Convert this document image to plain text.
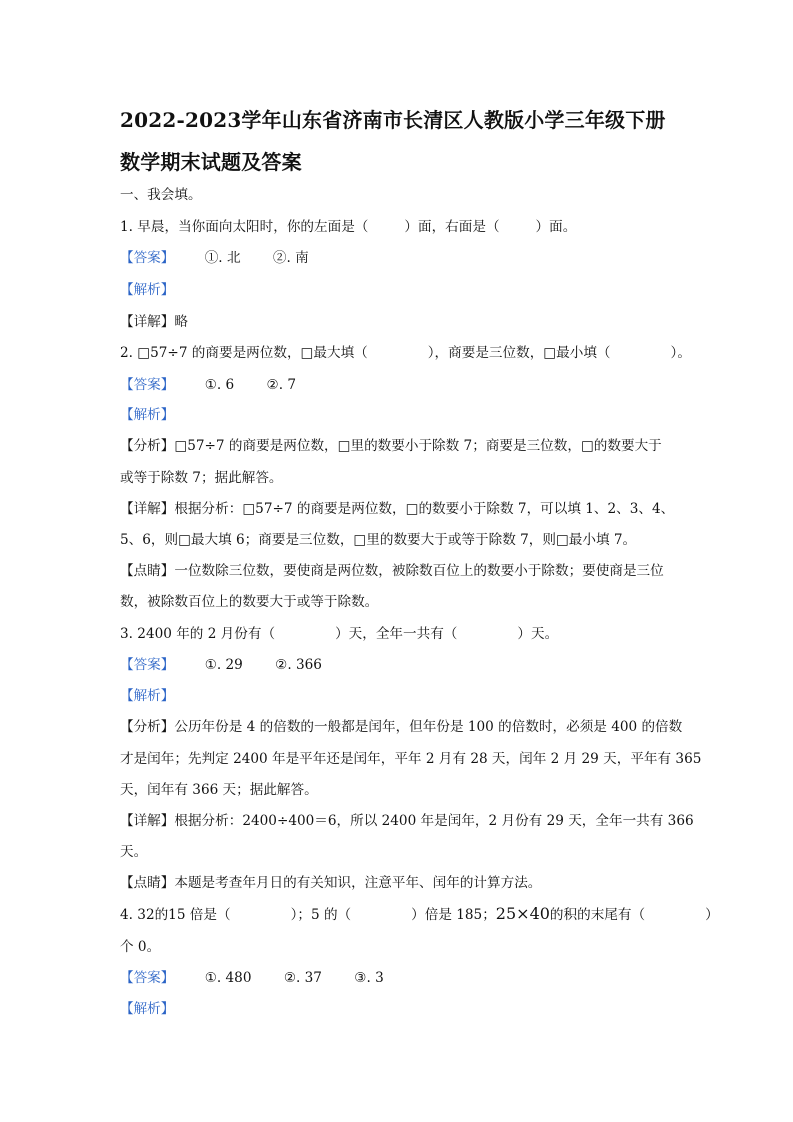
2022-2023学年山东省济南市长清区人教版小学三年级下册
数学期末试题及答案
一、我会填。
1. 早晨，当你面向太阳时，你的左面是（	）面，右面是（	）面。
【答案】 ①. 北 ②. 南
【解析】
【详解】略
2. □57÷7 的商要是两位数，□最大填（	），商要是三位数，□最小填（	）。
【答案】 ①. 6 ②. 7
【解析】
【分析】□57÷7 的商要是两位数，□里的数要小于除数 7；商要是三位数，□的数要大于
或等于除数 7；据此解答。
【详解】根据分析：□57÷7 的商要是两位数，□的数要小于除数 7，可以填 1、2、3、4、
5、6，则□最大填 6；商要是三位数，□里的数要大于或等于除数 7，则□最小填 7。
【点睛】一位数除三位数，要使商是两位数，被除数百位上的数要小于除数；要使商是三位
数，被除数百位上的数要大于或等于除数。
3. 2400 年的 2 月份有（	）天，全年一共有（	）天。
【答案】 ①. 29 ②. 366
【解析】
【分析】公历年份是 4 的倍数的一般都是闰年，但年份是 100 的倍数时，必须是 400 的倍数
才是闰年；先判定 2400 年是平年还是闰年，平年 2 月有 28 天，闰年 2 月 29 天，平年有 365
天，闰年有 366 天；据此解答。
【详解】根据分析：2400÷400＝6，所以 2400 年是闰年，2 月份有 29 天，全年一共有 366
天。
【点睛】本题是考查年月日的有关知识，注意平年、闰年的计算方法。
4. 32的15 倍是（	）；5 的（	）倍是 185；25×40的积的末尾有（	）
个 0。
【答案】 ①. 480 ②. 37 ③. 3
【解析】
